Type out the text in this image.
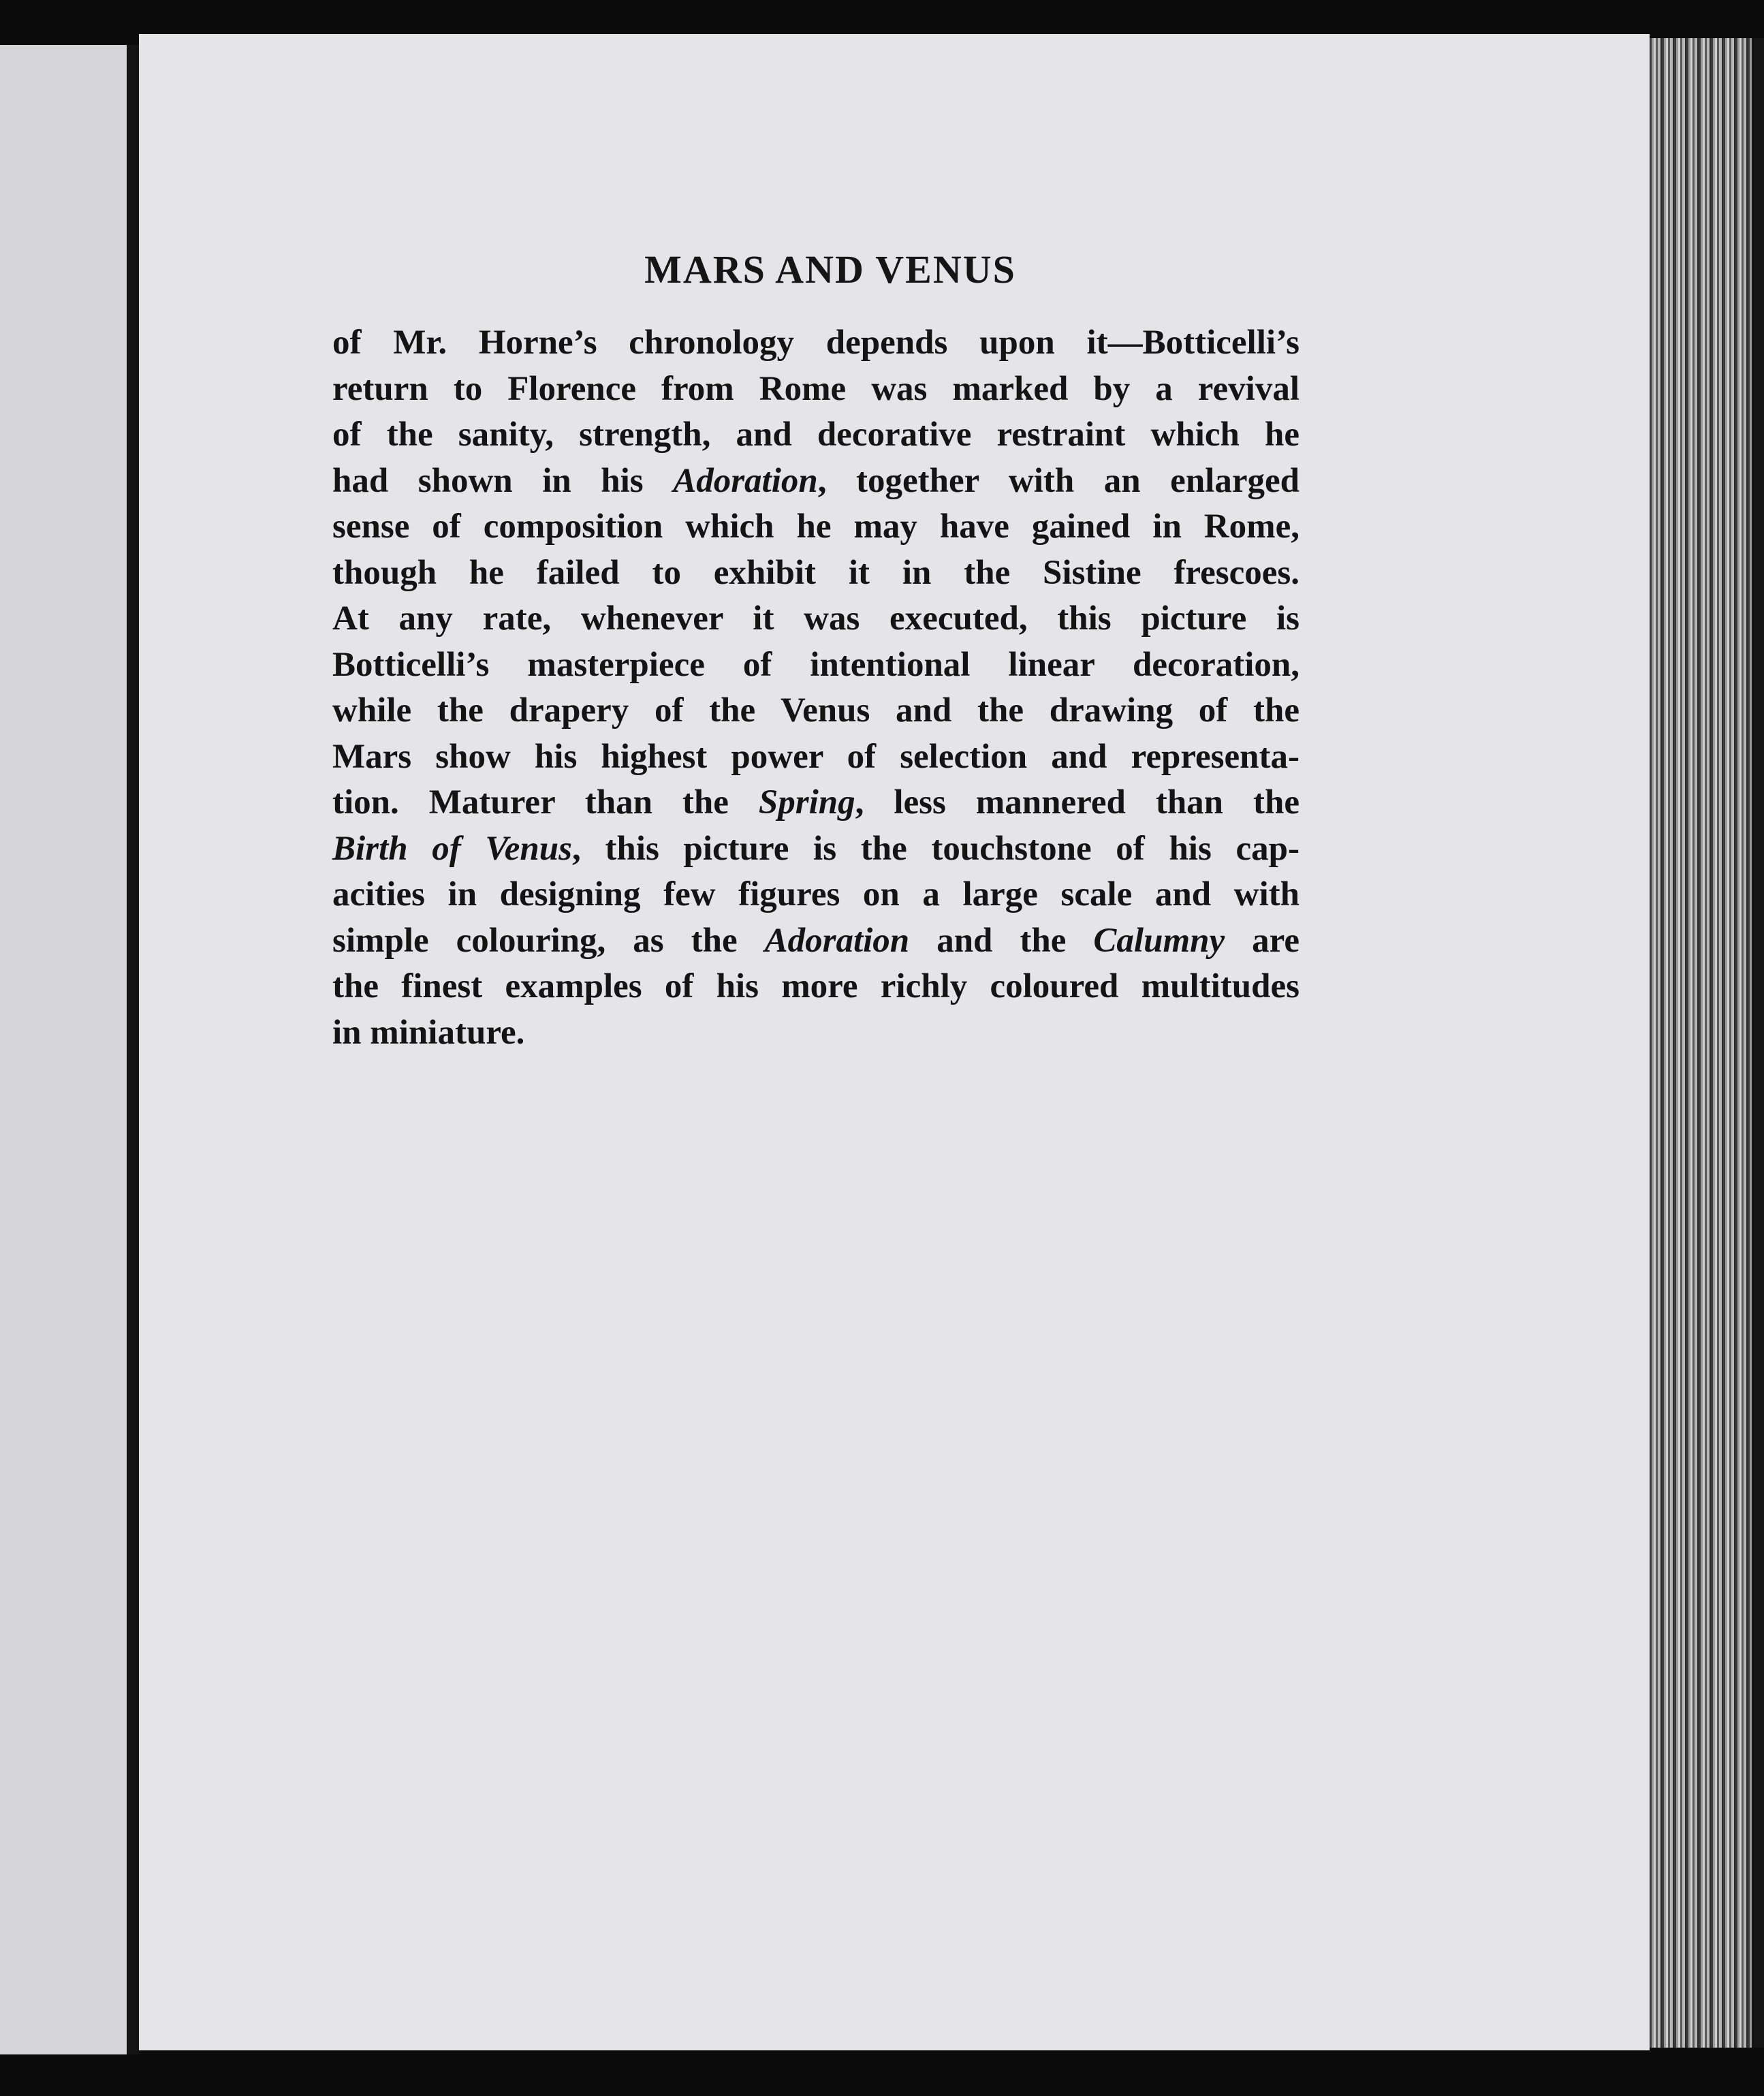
MARS AND VENUS
of Mr. Horne’s chronology depends upon it—Botticelli’s
return to Florence from Rome was marked by a revival
of the sanity, strength, and decorative restraint which he
had shown in his Adoration, together with an enlarged
sense of composition which he may have gained in Rome,
though he failed to exhibit it in the Sistine frescoes.
At any rate, whenever it was executed, this picture is
Botticelli’s masterpiece of intentional linear decoration,
while the drapery of the Venus and the drawing of the
Mars show his highest power of selection and representa-
tion. Maturer than the Spring, less mannered than the
Birth of Venus, this picture is the touchstone of his cap-
acities in designing few figures on a large scale and with
simple colouring, as the Adoration and the Calumny are
the finest examples of his more richly coloured multitudes
in miniature.
